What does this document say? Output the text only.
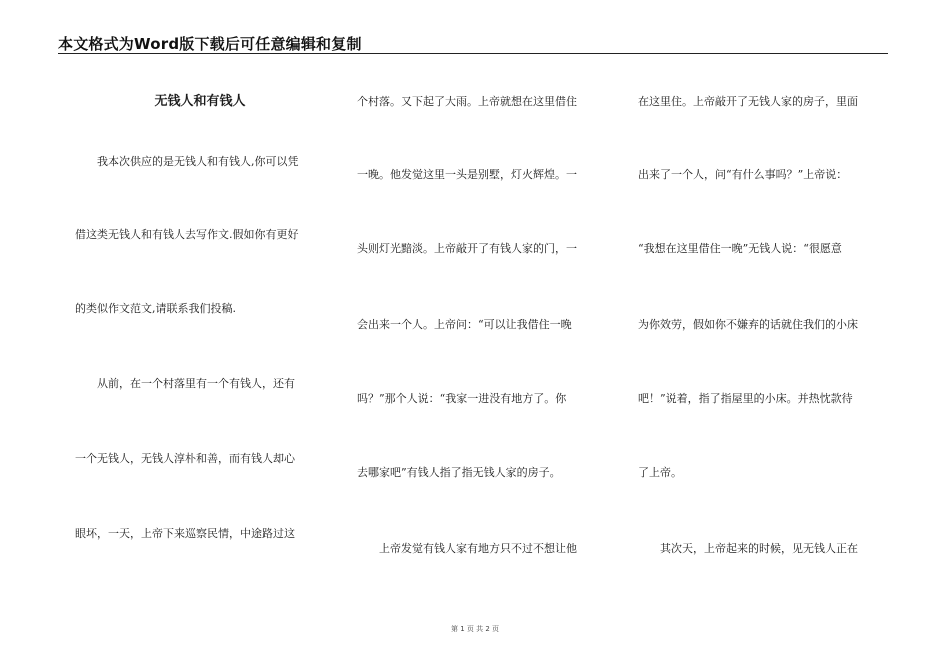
本文格式为Word版下载后可任意编辑和复制
无钱人和有钱人
　　我本次供应的是无钱人和有钱人,你可以凭
借这类无钱人和有钱人去写作文.假如你有更好
的类似作文范文,请联系我们投稿.
　　从前，在一个村落里有一个有钱人，还有
一个无钱人，无钱人淳朴和善，而有钱人却心
眼坏，一天，上帝下来巡察民情，中途路过这
个村落。又下起了大雨。上帝就想在这里借住
一晚。他发觉这里一头是别墅，灯火辉煌。一
头则灯光黯淡。上帝敲开了有钱人家的门，一
会出来一个人。上帝问：“可以让我借住一晚
吗？”那个人说：“我家一进没有地方了。你
去哪家吧”有钱人指了指无钱人家的房子。
　　上帝发觉有钱人家有地方只不过不想让他
在这里住。上帝敲开了无钱人家的房子，里面
出来了一个人，问“有什么事吗？”上帝说：
“我想在这里借住一晚”无钱人说：“很愿意
为你效劳，假如你不嫌弃的话就住我们的小床
吧！”说着，指了指屋里的小床。并热忱款待
了上帝。
　　其次天，上帝起来的时候，见无钱人正在
第 1 页 共 2 页
